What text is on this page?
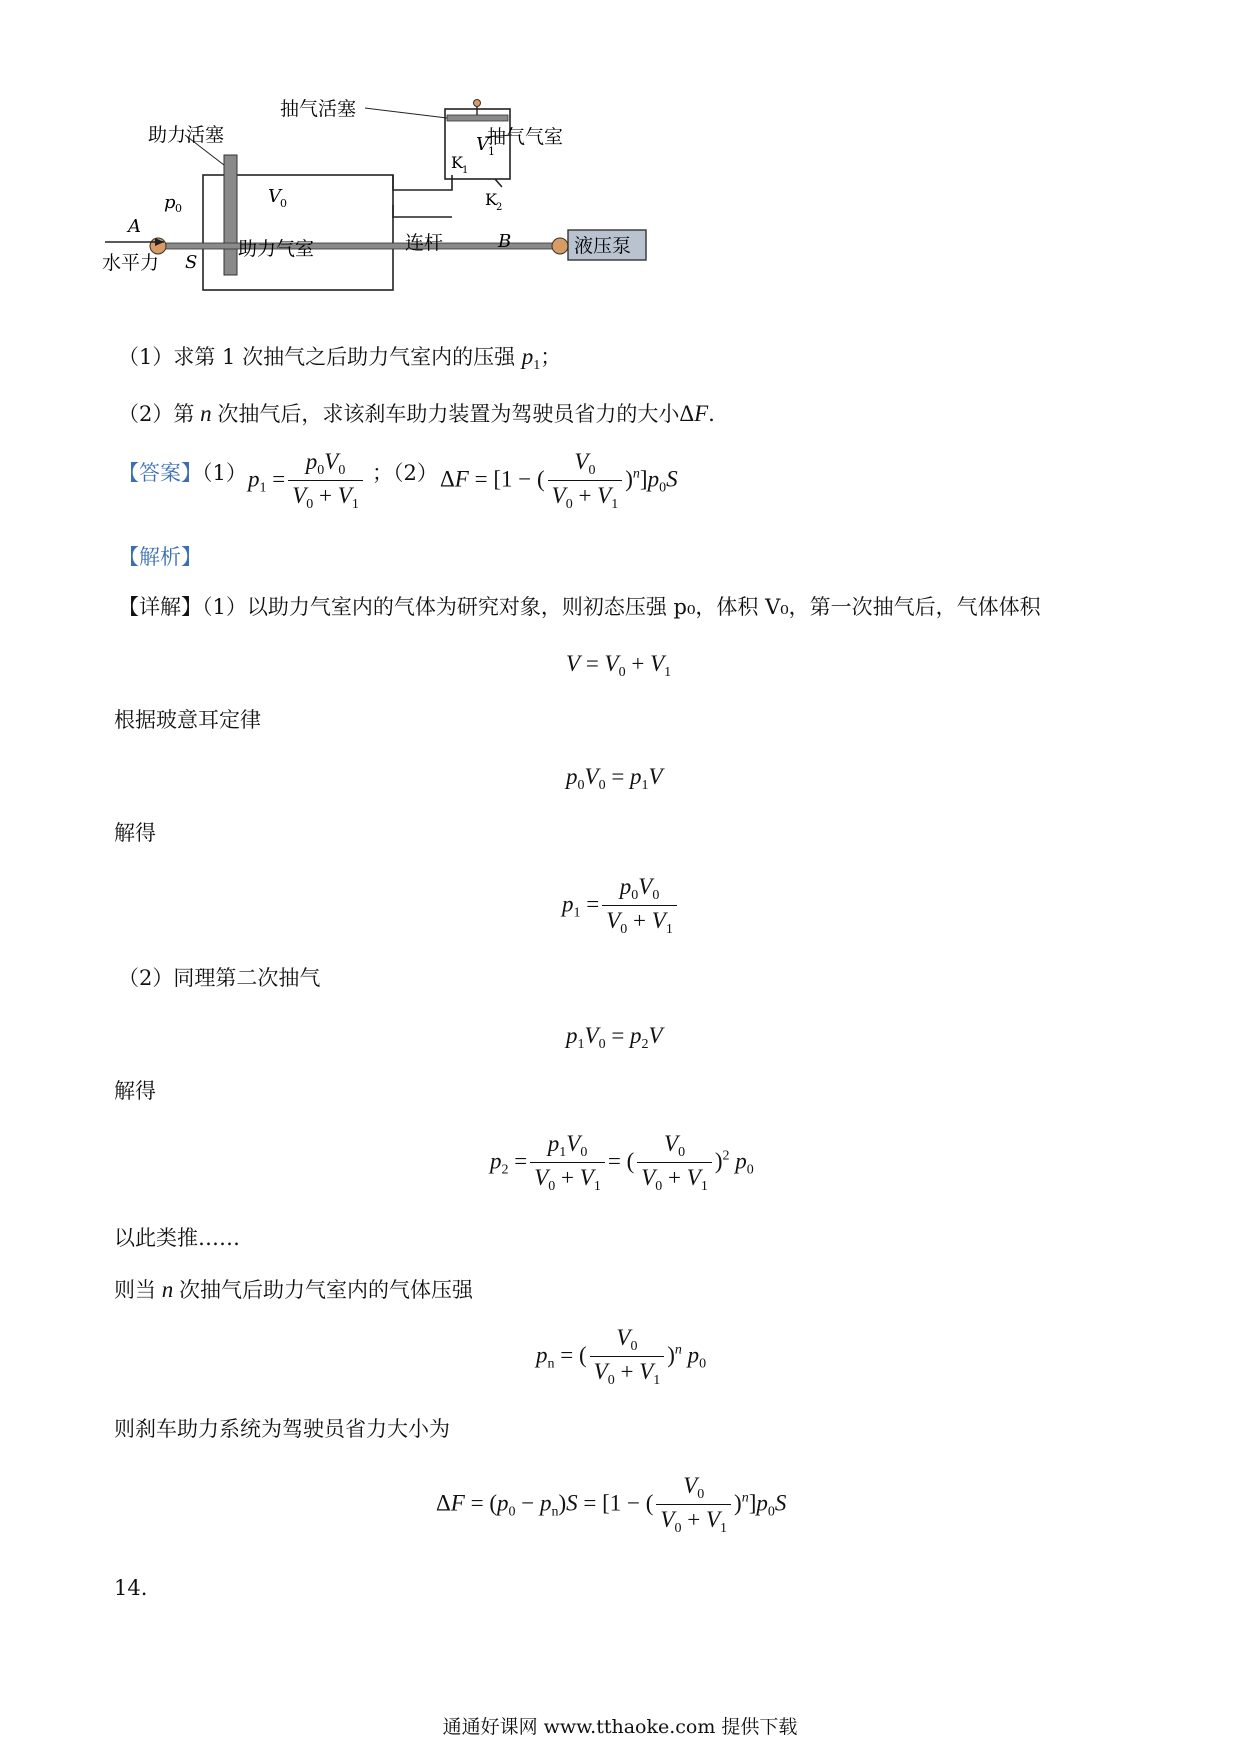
抽气活塞
助力活塞	抽气气室
助力气室	连杆	液压泵
水平力
A
B
S
p 0
V 0
V 1
K 1
K 2
（1）求第 1 次抽气之后助力气室内的压强 $p_1$；
（2）第 n 次抽气后，求该刹车助力装置为驾驶员省力的大小ΔF．
【答案】（1） $p_1 = \frac{p_0V_0}{V_0 + V_1}$ ；（2） ΔF = [1 − ( $\frac{V_0}{V_0 + V_1} )^n]p_0S$
【解析】
【详解】（1）以助力气室内的气体为研究对象，则初态压强 p₀，体积 V₀，第一次抽气后，气体体积
$V = V_0 + V_1$
根据玻意耳定律
$p_0V_0 = p_1V$
解得
$p_1 = \frac{p_0V_0}{V_0 + V_1}$
（2）同理第二次抽气
$p_1V_0 = p_2V$
解得
$p_2 = \frac{p_1V_0}{V_0 + V_1}$ = ( $\frac{V_0}{V_0 + V_1} )^2$ $p_0$
以此类推……
则当 n 次抽气后助力气室内的气体压强
$p_n$ = ( $\frac{V_0}{V_0 + V_1} )^n$ $p_0$
则刹车助力系统为驾驶员省力大小为
$\Delta F = (p_0 - p_n)S = [1$ − ( $\frac{V_0}{V_0 + V_1} )^n]p_0S$
14.
通通好课网 www.tthaoke.com 提供下载
